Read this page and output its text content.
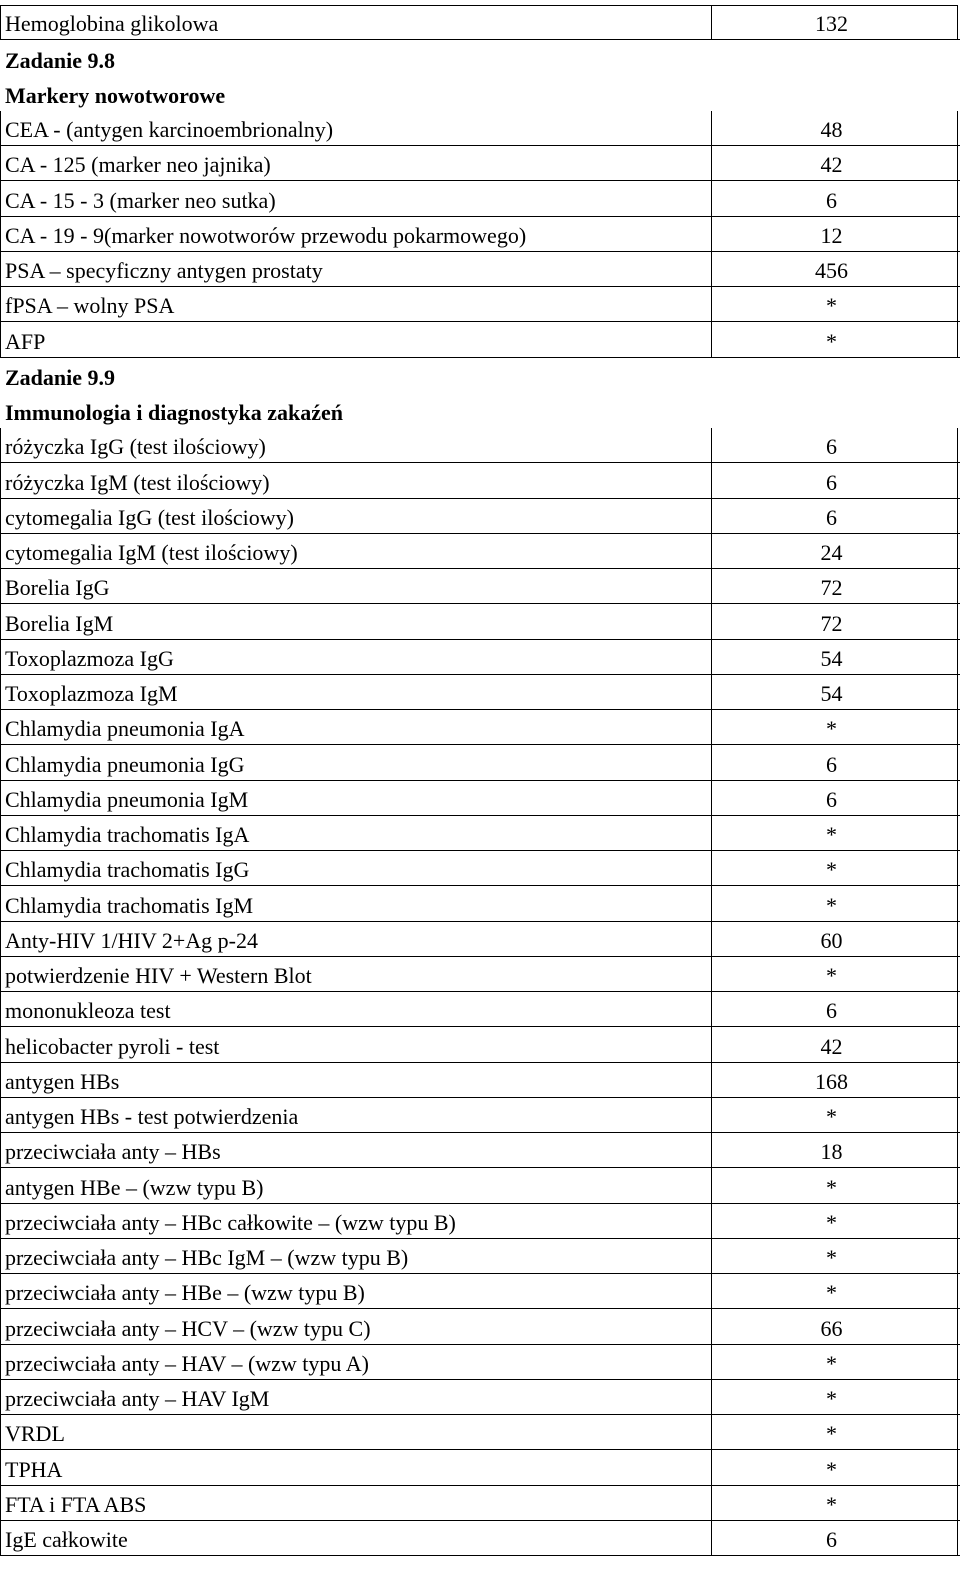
Hemoglobina glikolowa	132
Zadanie 9.8
Markery nowotworowe
CEA - (antygen karcinoembrionalny)	48
CA - 125 (marker neo jajnika)	42
CA - 15 - 3 (marker neo sutka)	6
CA - 19 - 9(marker nowotworów przewodu pokarmowego)	12
PSA – specyficzny antygen prostaty	456
fPSA – wolny PSA	*
AFP	*
Zadanie 9.9
Immunologia i diagnostyka zakaźeń
różyczka IgG (test ilościowy)	6
różyczka IgM (test ilościowy)	6
cytomegalia IgG (test ilościowy)	6
cytomegalia IgM (test ilościowy)	24
Borelia IgG	72
Borelia IgM	72
Toxoplazmoza IgG	54
Toxoplazmoza IgM	54
Chlamydia pneumonia IgA	*
Chlamydia pneumonia IgG	6
Chlamydia pneumonia IgM	6
Chlamydia trachomatis IgA	*
Chlamydia trachomatis IgG	*
Chlamydia trachomatis IgM	*
Anty-HIV 1/HIV 2+Ag p-24	60
potwierdzenie HIV + Western Blot	*
mononukleoza test	6
helicobacter pyroli - test	42
antygen HBs	168
antygen HBs - test potwierdzenia	*
przeciwciała anty – HBs	18
antygen HBe – (wzw typu B)	*
przeciwciała anty – HBc całkowite – (wzw typu B)	*
przeciwciała anty – HBc IgM – (wzw typu B)	*
przeciwciała anty – HBe – (wzw typu B)	*
przeciwciała anty – HCV – (wzw typu C)	66
przeciwciała anty – HAV – (wzw typu A)	*
przeciwciała anty – HAV IgM	*
VRDL	*
TPHA	*
FTA i FTA ABS	*
IgE całkowite	6
